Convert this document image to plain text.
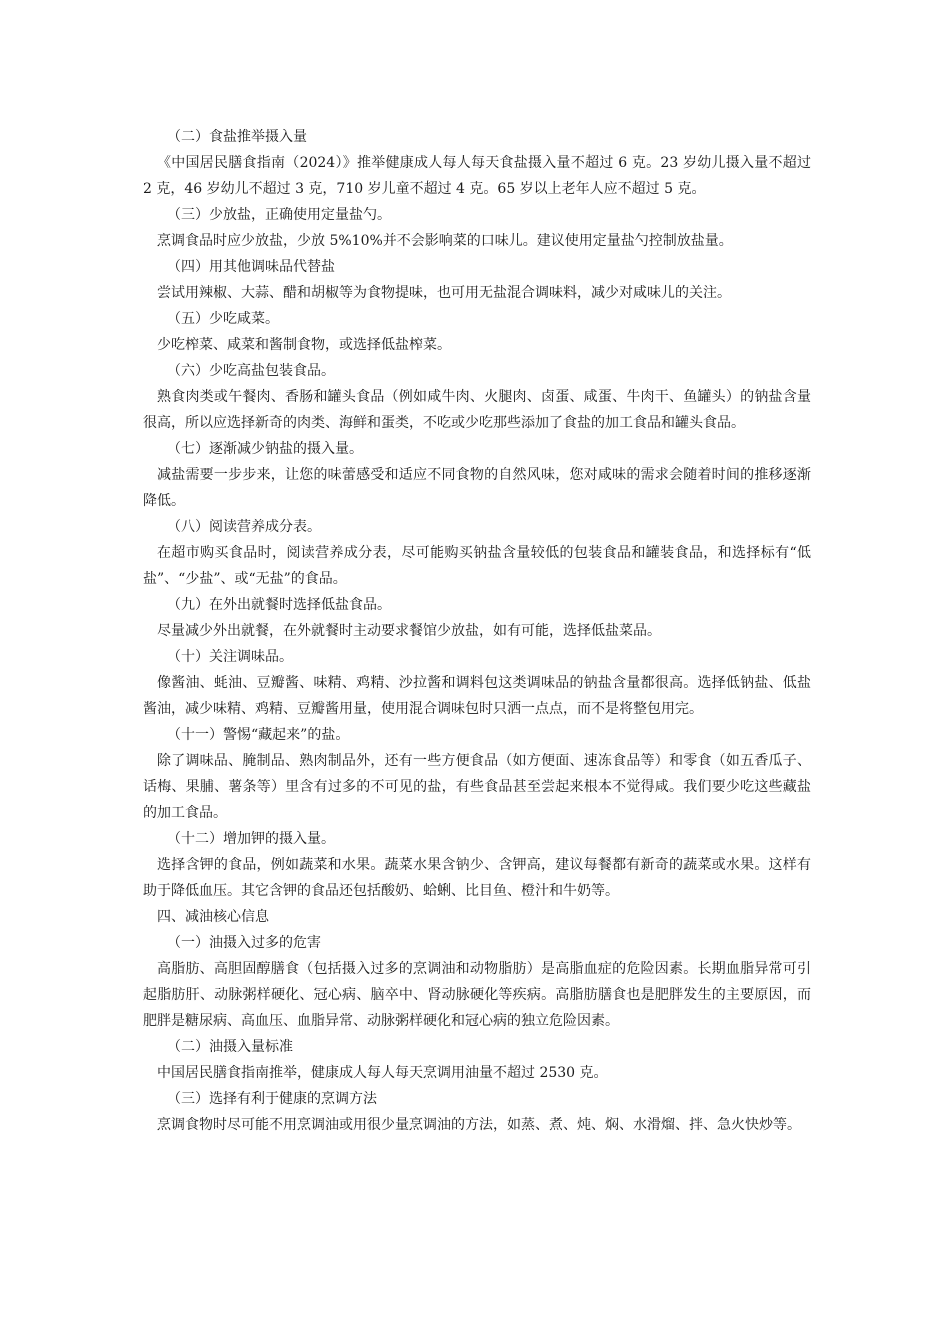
（二）食盐推举摄入量

《中国居民膳食指南（2024）》推举健康成人每人每天食盐摄入量不超过 6 克。23 岁幼儿摄入量不超过 2 克，46 岁幼儿不超过 3 克，710 岁儿童不超过 4 克。65 岁以上老年人应不超过 5 克。

（三）少放盐，正确使用定量盐勺。

烹调食品时应少放盐，少放 5%10%并不会影响菜的口味儿。建议使用定量盐勺控制放盐量。

（四）用其他调味品代替盐

尝试用辣椒、大蒜、醋和胡椒等为食物提味，也可用无盐混合调味料，减少对咸味儿的关注。

（五）少吃咸菜。

少吃榨菜、咸菜和酱制食物，或选择低盐榨菜。

（六）少吃高盐包装食品。

熟食肉类或午餐肉、香肠和罐头食品（例如咸牛肉、火腿肉、卤蛋、咸蛋、牛肉干、鱼罐头）的钠盐含量很高，所以应选择新奇的肉类、海鲜和蛋类，不吃或少吃那些添加了食盐的加工食品和罐头食品。

（七）逐渐减少钠盐的摄入量。

减盐需要一步步来，让您的味蕾感受和适应不同食物的自然风味，您对咸味的需求会随着时间的推移逐渐降低。

（八）阅读营养成分表。

在超市购买食品时，阅读营养成分表，尽可能购买钠盐含量较低的包装食品和罐装食品，和选择标有“低盐”、“少盐”、或“无盐”的食品。

（九）在外出就餐时选择低盐食品。

尽量减少外出就餐，在外就餐时主动要求餐馆少放盐，如有可能，选择低盐菜品。

（十）关注调味品。

像酱油、蚝油、豆瓣酱、味精、鸡精、沙拉酱和调料包这类调味品的钠盐含量都很高。选择低钠盐、低盐酱油，减少味精、鸡精、豆瓣酱用量，使用混合调味包时只洒一点点，而不是将整包用完。

（十一）警惕“藏起来”的盐。

除了调味品、腌制品、熟肉制品外，还有一些方便食品（如方便面、速冻食品等）和零食（如五香瓜子、话梅、果脯、薯条等）里含有过多的不可见的盐，有些食品甚至尝起来根本不觉得咸。我们要少吃这些藏盐的加工食品。

（十二）增加钾的摄入量。

选择含钾的食品，例如蔬菜和水果。蔬菜水果含钠少、含钾高，建议每餐都有新奇的蔬菜或水果。这样有助于降低血压。其它含钾的食品还包括酸奶、蛤蜊、比目鱼、橙汁和牛奶等。

四、减油核心信息
（一）油摄入过多的危害

高脂肪、高胆固醇膳食（包括摄入过多的烹调油和动物脂肪）是高脂血症的危险因素。长期血脂异常可引起脂肪肝、动脉粥样硬化、冠心病、脑卒中、肾动脉硬化等疾病。高脂肪膳食也是肥胖发生的主要原因，而肥胖是糖尿病、高血压、血脂异常、动脉粥样硬化和冠心病的独立危险因素。

（二）油摄入量标准

中国居民膳食指南推举，健康成人每人每天烹调用油量不超过 2530 克。

（三）选择有利于健康的烹调方法

烹调食物时尽可能不用烹调油或用很少量烹调油的方法，如蒸、煮、炖、焖、水滑熘、拌、急火快炒等。
